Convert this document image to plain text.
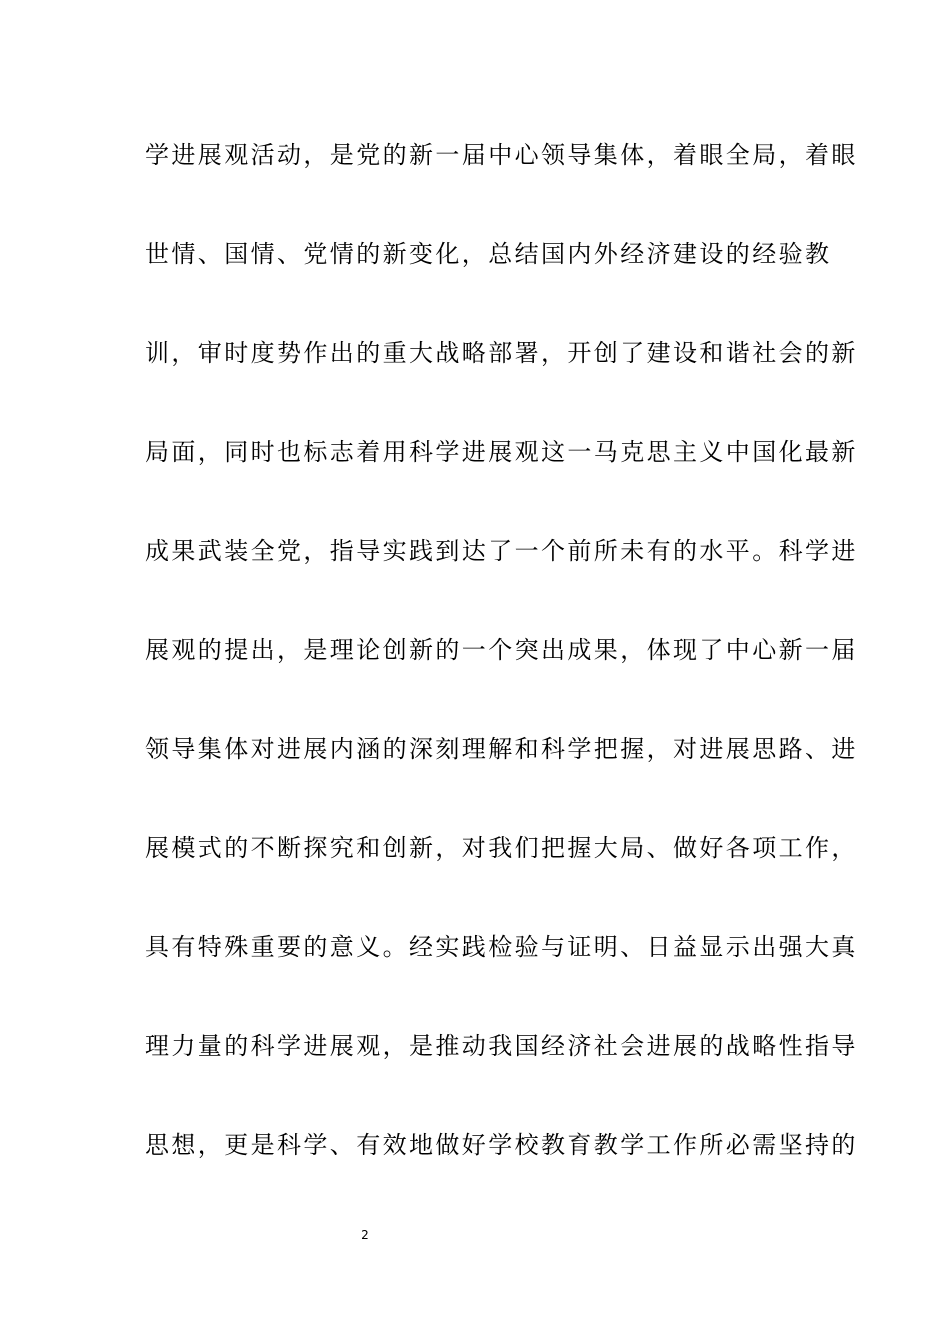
学进展观活动，是党的新一届中心领导集体，着眼全局，着眼
世情、国情、党情的新变化，总结国内外经济建设的经验教
训，审时度势作出的重大战略部署，开创了建设和谐社会的新
局面，同时也标志着用科学进展观这一马克思主义中国化最新
成果武装全党，指导实践到达了一个前所未有的水平。科学进
展观的提出，是理论创新的一个突出成果，体现了中心新一届
领导集体对进展内涵的深刻理解和科学把握，对进展思路、进
展模式的不断探究和创新，对我们把握大局、做好各项工作，
具有特殊重要的意义。经实践检验与证明、日益显示出强大真
理力量的科学进展观，是推动我国经济社会进展的战略性指导
思想，更是科学、有效地做好学校教育教学工作所必需坚持的
2
